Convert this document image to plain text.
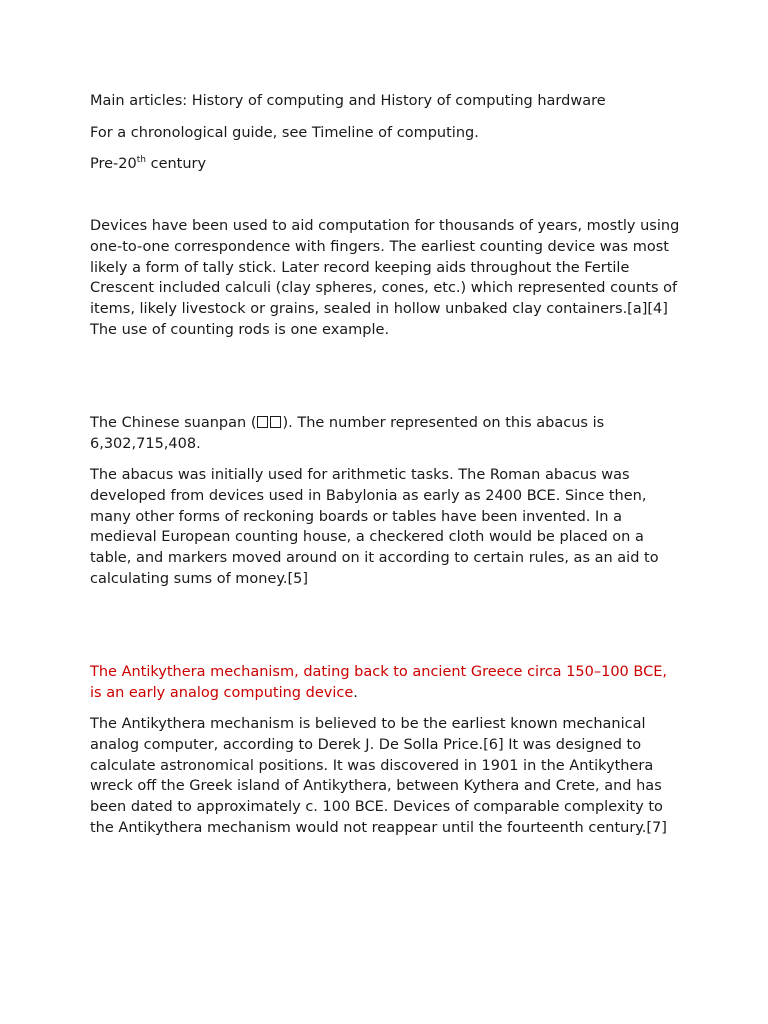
Main articles: History of computing and History of computing hardware

For a chronological guide, see Timeline of computing.

Pre-20th century

Devices have been used to aid computation for thousands of years, mostly using one-to-one correspondence with fingers. The earliest counting device was most likely a form of tally stick. Later record keeping aids throughout the Fertile Crescent included calculi (clay spheres, cones, etc.) which represented counts of items, likely livestock or grains, sealed in hollow unbaked clay containers.[a][4] The use of counting rods is one example.

The Chinese suanpan ( ). The number represented on this abacus is 6,302,715,408.

The abacus was initially used for arithmetic tasks. The Roman abacus was developed from devices used in Babylonia as early as 2400 BCE. Since then, many other forms of reckoning boards or tables have been invented. In a medieval European counting house, a checkered cloth would be placed on a table, and markers moved around on it according to certain rules, as an aid to calculating sums of money.[5]

The Antikythera mechanism, dating back to ancient Greece circa 150–100 BCE, is an early analog computing device.

The Antikythera mechanism is believed to be the earliest known mechanical analog computer, according to Derek J. De Solla Price.[6] It was designed to calculate astronomical positions. It was discovered in 1901 in the Antikythera wreck off the Greek island of Antikythera, between Kythera and Crete, and has been dated to approximately c. 100 BCE. Devices of comparable complexity to the Antikythera mechanism would not reappear until the fourteenth century.[7]
